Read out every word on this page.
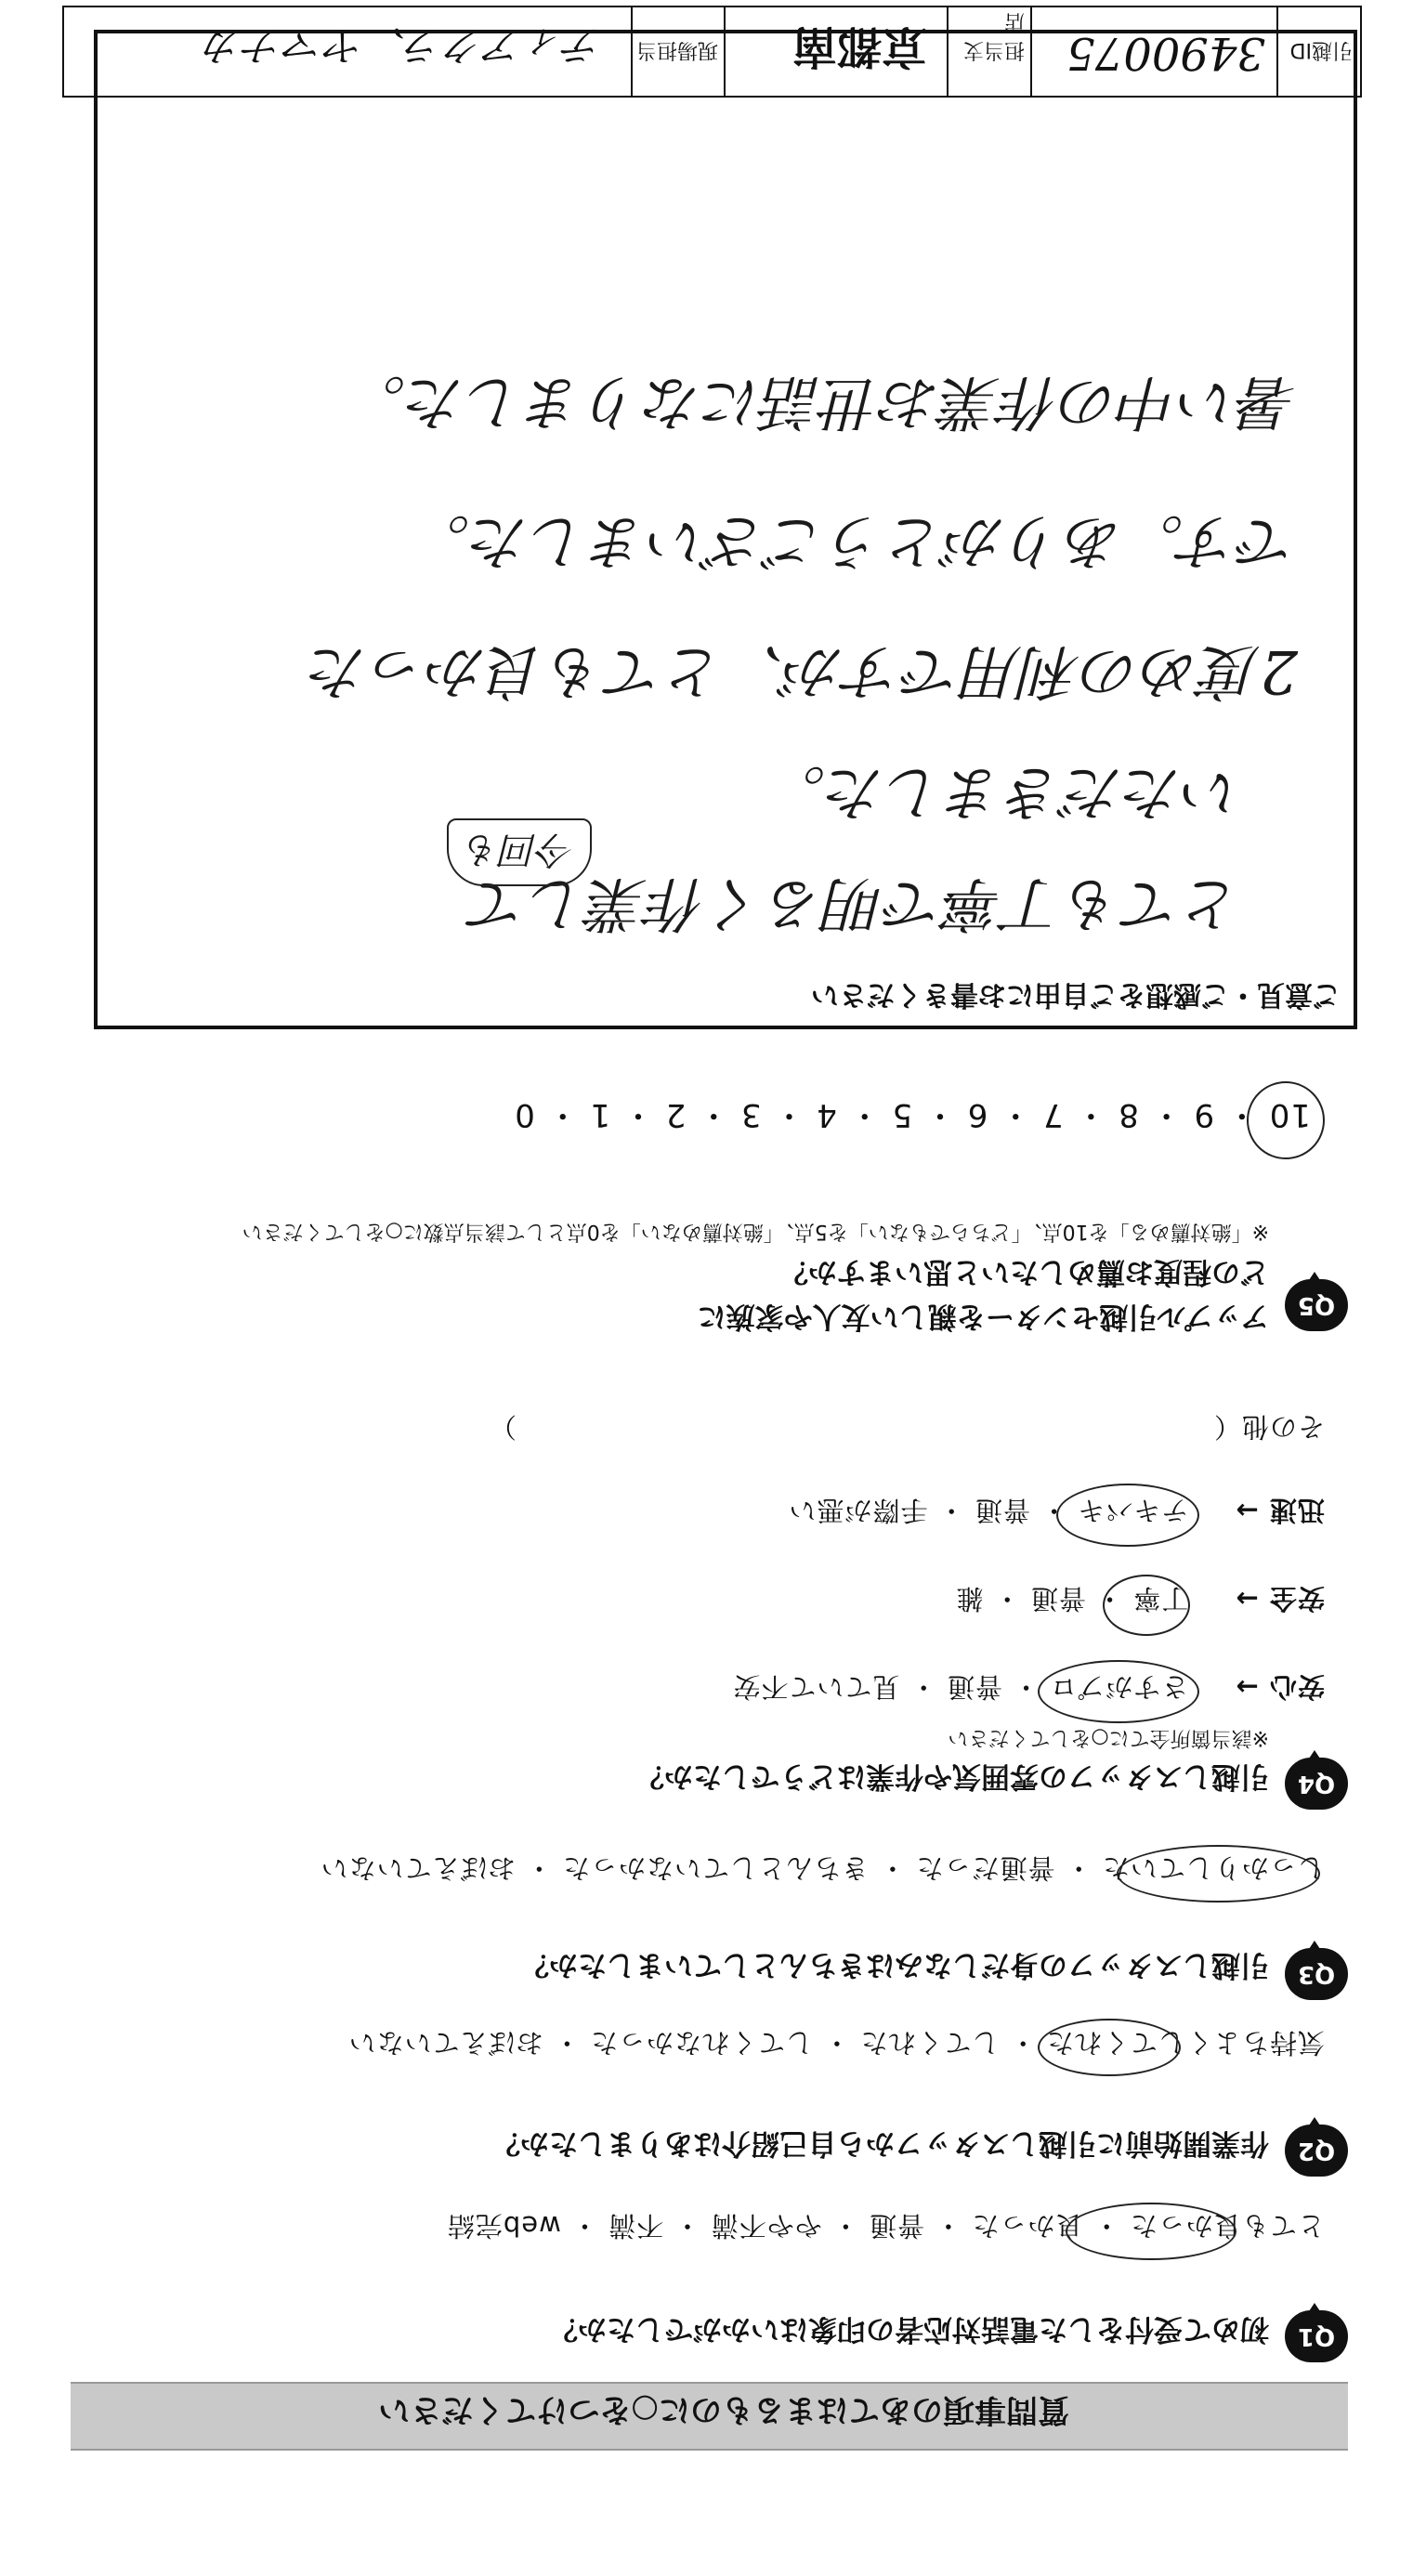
質問事項のあてはまるものに○をつけてください
Q1
初めて受付をした電話対応者の印象はいかがでしたか？
とても良かった ・ 良かった ・ 普通 ・ やや不満 ・ 不満 ・ web完結
Q2
作業開始前に引越しスタッフから自己紹介はありましたか？
気持ちよくしてくれた ・ してくれた ・ してくれなかった ・ おぼえていない
Q3
引越しスタッフの身だしなみはきちんとしていましたか？
しっかりしていた ・ 普通だった ・ きちんとしていなかった ・ おぼえていない
Q4
引越しスタッフの雰囲気や作業はどうでしたか？
※該当箇所全てに○をしてください
安心 → さすがプロ ・ 普通 ・ 見ていて不安
安全 → 丁寧 ・ 普通 ・ 雑
迅速 → テキパキ ・ 普通 ・ 手際が悪い
その他（　　　　　　　　　　　　　　　　　　　　　　　　　）
Q5
アップル引越センターを親しい友人や家族に
どの程度お薦めしたいと思いますか？
※「絶対薦める」を10点、「どちらでもない」を5点、「絶対薦めない」を0点として該当点数に○をしてください
10 ・ 9 ・ 8 ・ 7 ・ 6 ・ 5 ・ 4 ・ 3 ・ 2 ・ 1 ・ 0
ご意見・ご感想をご自由にお書きください
とても丁寧で明るく作業して
いただきました。
2度めの利用ですが、とても良かった
です。ありがとうございました。
暑い中の作業お世話になりました。
今回も
引越ID
3490075
担当支店
京都南
現場担当
ティアクラ、ヤマナカ
